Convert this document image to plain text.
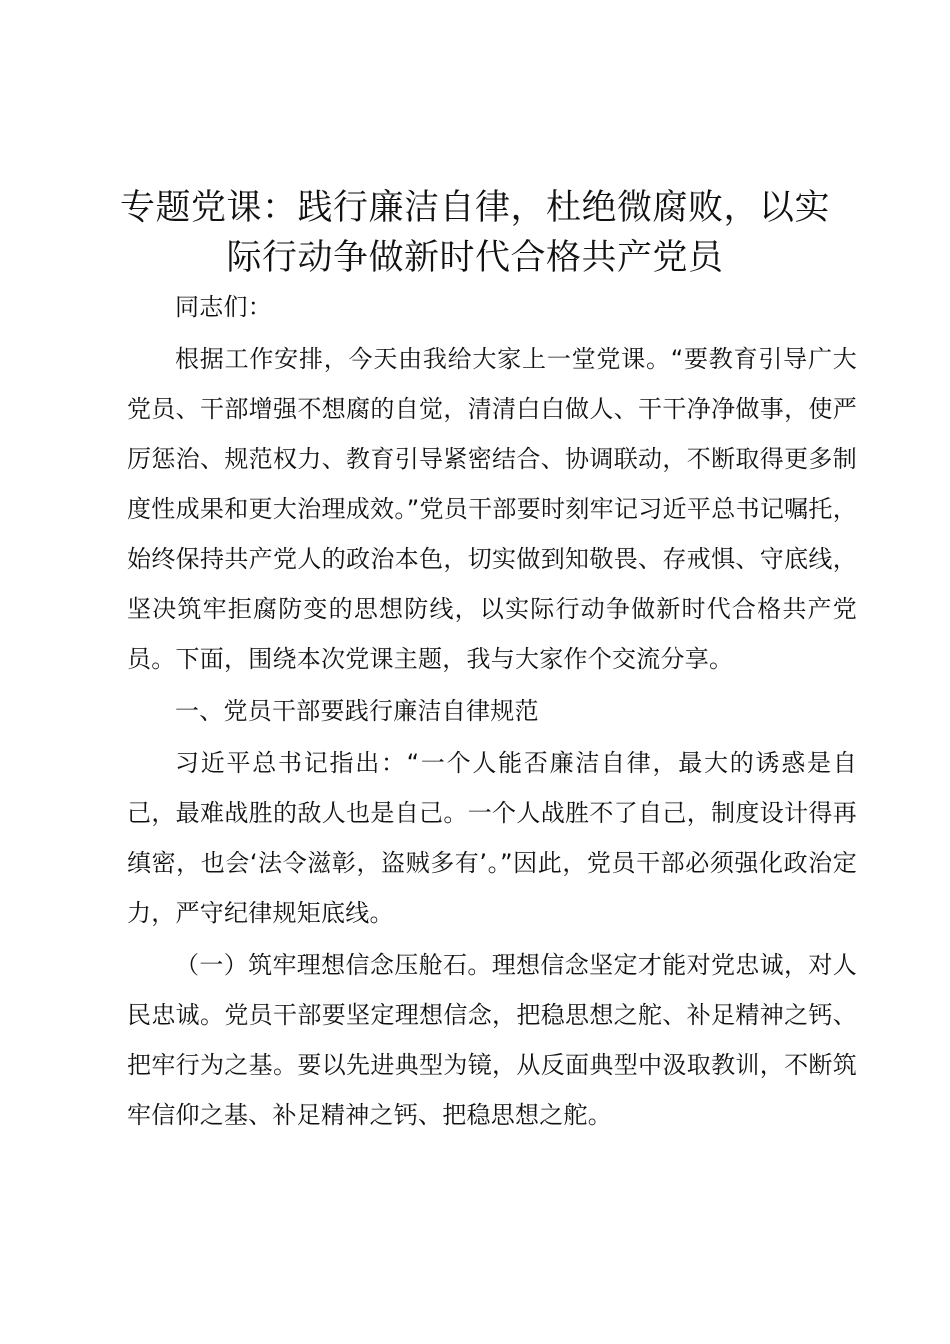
专题党课：践行廉洁自律，杜绝微腐败，以实
际行动争做新时代合格共产党员

同志们：

根据工作安排，今天由我给大家上一堂党课。“要教育引导广大党员、干部增强不想腐的自觉，清清白白做人、干干净净做事，使严厉惩治、规范权力、教育引导紧密结合、协调联动，不断取得更多制度性成果和更大治理成效。”党员干部要时刻牢记习近平总书记嘱托，始终保持共产党人的政治本色，切实做到知敬畏、存戒惧、守底线，坚决筑牢拒腐防变的思想防线，以实际行动争做新时代合格共产党员。下面，围绕本次党课主题，我与大家作个交流分享。

一、党员干部要践行廉洁自律规范

习近平总书记指出：“一个人能否廉洁自律，最大的诱惑是自己，最难战胜的敌人也是自己。一个人战胜不了自己，制度设计得再缜密，也会‘法令滋彰，盗贼多有’。”因此，党员干部必须强化政治定力，严守纪律规矩底线。

（一）筑牢理想信念压舱石。理想信念坚定才能对党忠诚，对人民忠诚。党员干部要坚定理想信念，把稳思想之舵、补足精神之钙、把牢行为之基。要以先进典型为镜，从反面典型中汲取教训，不断筑牢信仰之基、补足精神之钙、把稳思想之舵。
